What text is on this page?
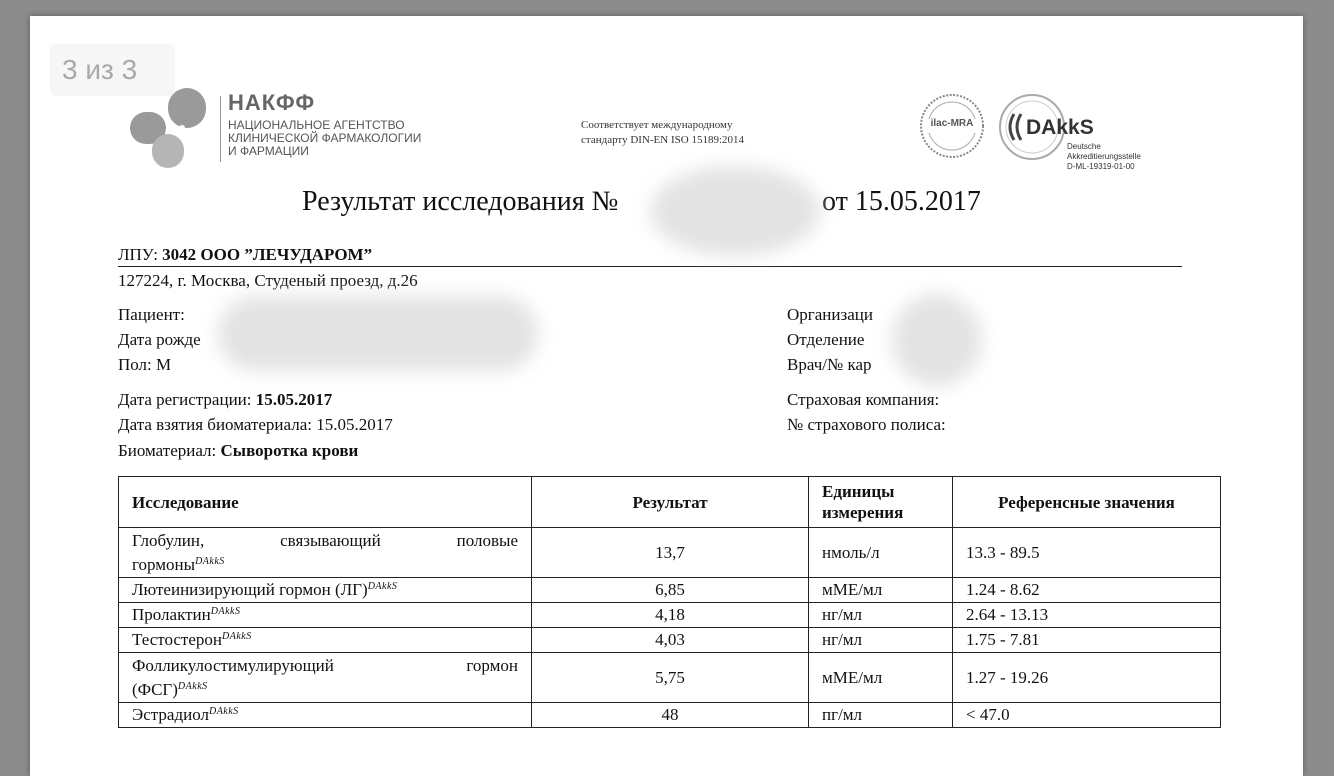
3 из 3
НАКФФ
НАЦИОНАЛЬНОЕ АГЕНТСТВО
КЛИНИЧЕСКОЙ ФАРМАКОЛОГИИ
И ФАРМАЦИИ
Соответствует международному
стандарту DIN-EN ISO 15189:2014
ilac-MRA	DAkkS
Deutsche
Akkreditierungsstelle
D-ML-19319-01-00
Результат исследования №	от 15.05.2017
ЛПУ: 3042 ООО ”ЛЕЧУДАРОМ”
127224, г. Москва, Студеный проезд, д.26
Пациент:
Дата рожде
Пол: М
Организаци
Отделение
Врач/№ кар
Дата регистрации: 15.05.2017
Дата взятия биоматериала: 15.05.2017
Биоматериал: Сыворотка крови
Страховая компания:
№ страхового полиса:
Исследование	Результат	Единицы измерения	Референсные значения

Глобулин, связывающий половые
гормоны$^{DAkkS}$	13,7	нмоль/л	13.3 - 89.5
Лютеинизирующий гормон (ЛГ)$^{DAkkS}$	6,85	мМЕ/мл	1.24 - 8.62
Пролактин$^{DAkkS}$	4,18	нг/мл	2.64 - 13.13
Тестостерон$^{DAkkS}$	4,03	нг/мл	1.75 - 7.81

Фолликулостимулирующий гормон
(ФСГ)$^{DAkkS}$	5,75	мМЕ/мл	1.27 - 19.26
Эстрадиол$^{DAkkS}$	48	пг/мл	< 47.0
